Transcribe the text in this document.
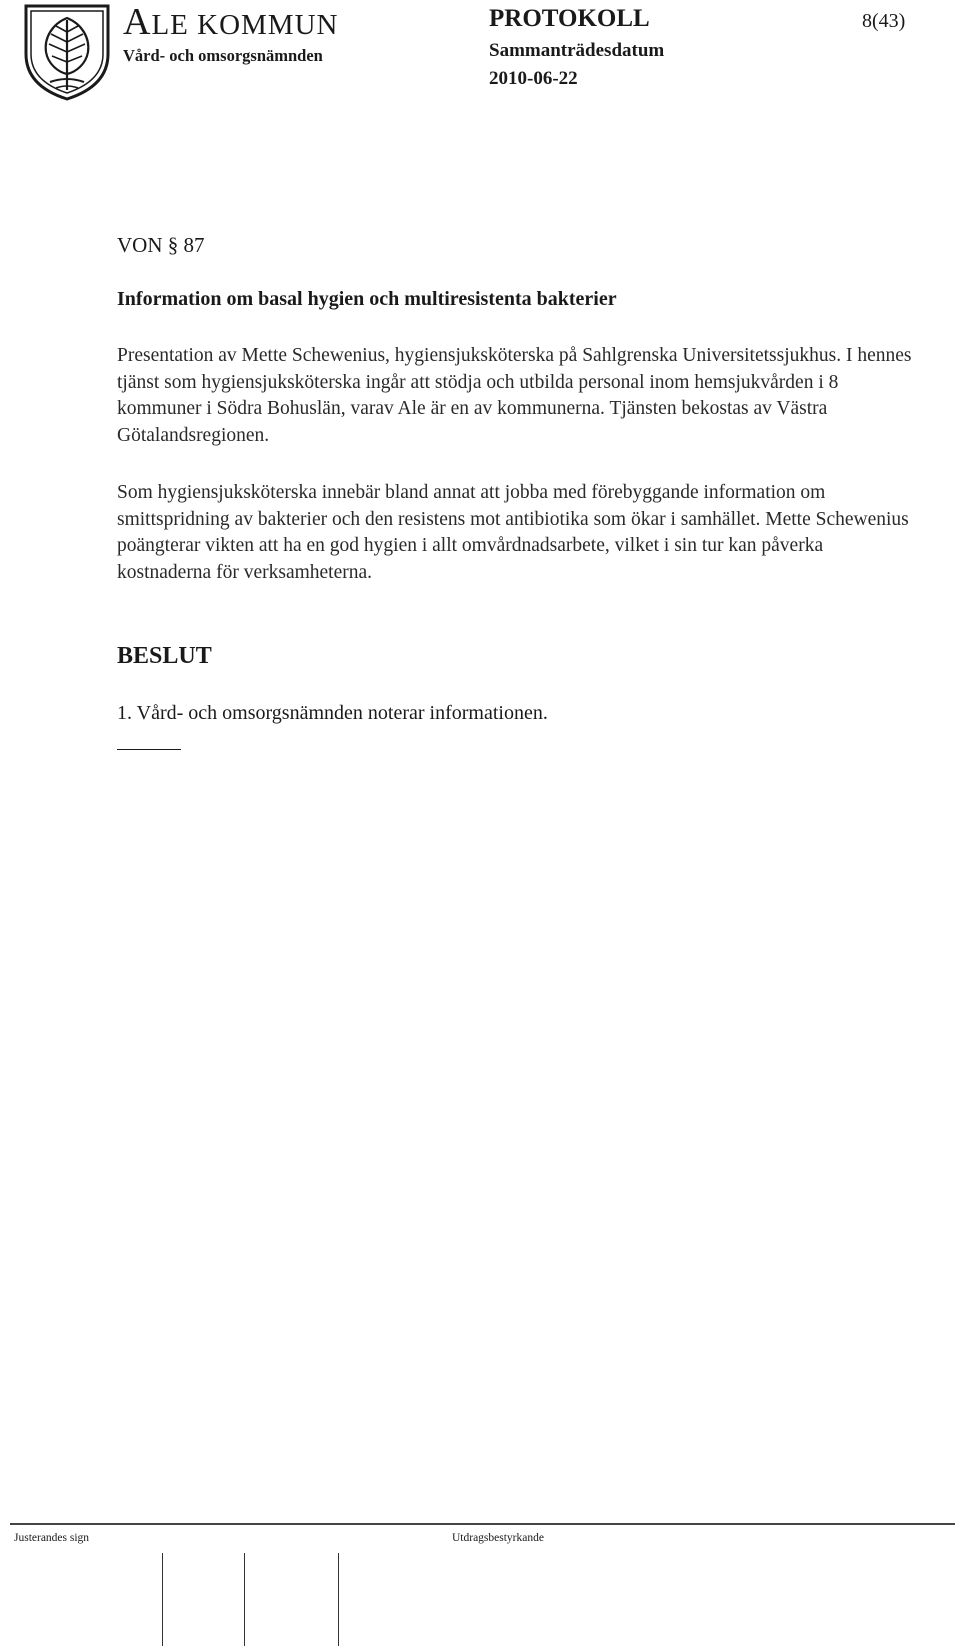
ALE KOMMUN
Vård- och omsorgsnämnden
PROTOKOLL
Sammanträdesdatum
2010-06-22
8(43)
VON § 87
Information om basal hygien och multiresistenta bakterier
Presentation av Mette Schewenius, hygiensjuksköterska på Sahlgrenska Universitetssjukhus. I hennes tjänst som hygiensjuksköterska ingår att stödja och utbilda personal inom hemsjukvården i 8 kommuner i Södra Bohuslän, varav Ale är en av kommunerna. Tjänsten bekostas av Västra Götalandsregionen.
Som hygiensjuksköterska innebär bland annat att jobba med förebyggande information om smittspridning av bakterier och den resistens mot antibiotika som ökar i samhället. Mette Schewenius poängterar vikten att ha en god hygien i allt omvårdnadsarbete, vilket i sin tur kan påverka kostnaderna för verksamheterna.
BESLUT
1. Vård- och omsorgsnämnden noterar informationen.
Justerandes sign	Utdragsbestyrkande
